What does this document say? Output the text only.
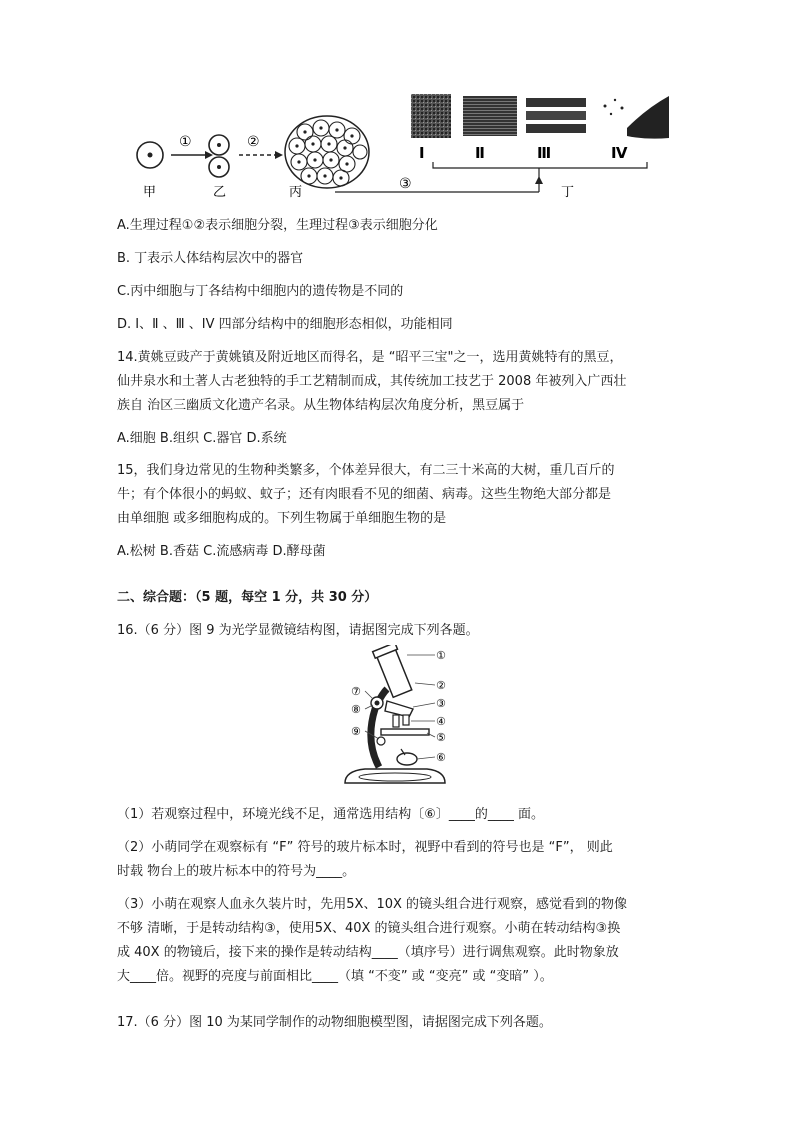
①	②
Ⅰ	Ⅱ	Ⅲ	Ⅳ
③
甲	乙	丙	丁
A.生理过程①②表示细胞分裂，生理过程③表示细胞分化
B. 丁表示人体结构层次中的器官
C.丙中细胞与丁各结构中细胞内的遗传物是不同的
D. I、Ⅱ 、Ⅲ 、IV 四部分结构中的细胞形态相似，功能相同
14.黄姚豆豉产于黄姚镇及附近地区而得名，是 “昭平三宝"之一，选用黄姚特有的黑豆，
仙井泉水和土著人古老独特的手工艺精制而成，其传统加工技艺于 2008 年被列入广西壮
族自 治区三幽质文化遗产名录。从生物体结构层次角度分析，黑豆属于
A.细胞 B.组织 C.器官 D.系统
15，我们身边常见的生物种类繁多，个体差异很大，有二三十米高的大树，重几百斤的
牛；有个体很小的蚂蚁、蚊子；还有肉眼看不见的细菌、病毒。这些生物绝大部分都是
由单细胞 或多细胞构成的。下列生物属于单细胞生物的是
A.松树 B.香菇 C.流感病毒 D.酵母菌
二、综合题：（5 题，每空 1 分，共 30 分）
16.（6 分）图 9 为光学显微镜结构图，请据图完成下列各题。
①
②
③
④
⑤
⑥
⑦
⑧
⑨
（1）若观察过程中，环境光线不足，通常选用结构〔⑥〕____的____ 面。
（2）小萌同学在观察标有 “F” 符号的玻片标本时，视野中看到的符号也是 “F”， 则此
时载 物台上的玻片标本中的符号为____。
（3）小萌在观察人血永久装片时，先用5X、10X 的镜头组合进行观察，感觉看到的物像
不够 清晰，于是转动结构③，使用5X、40X 的镜头组合进行观察。小萌在转动结构③换
成 40X 的物镜后，接下来的操作是转动结构____（填序号）进行调焦观察。此时物象放
大____倍。视野的亮度与前面相比____（填 “不变” 或 “变亮” 或 “变暗” ）。
17.（6 分）图 10 为某同学制作的动物细胞模型图，请据图完成下列各题。
